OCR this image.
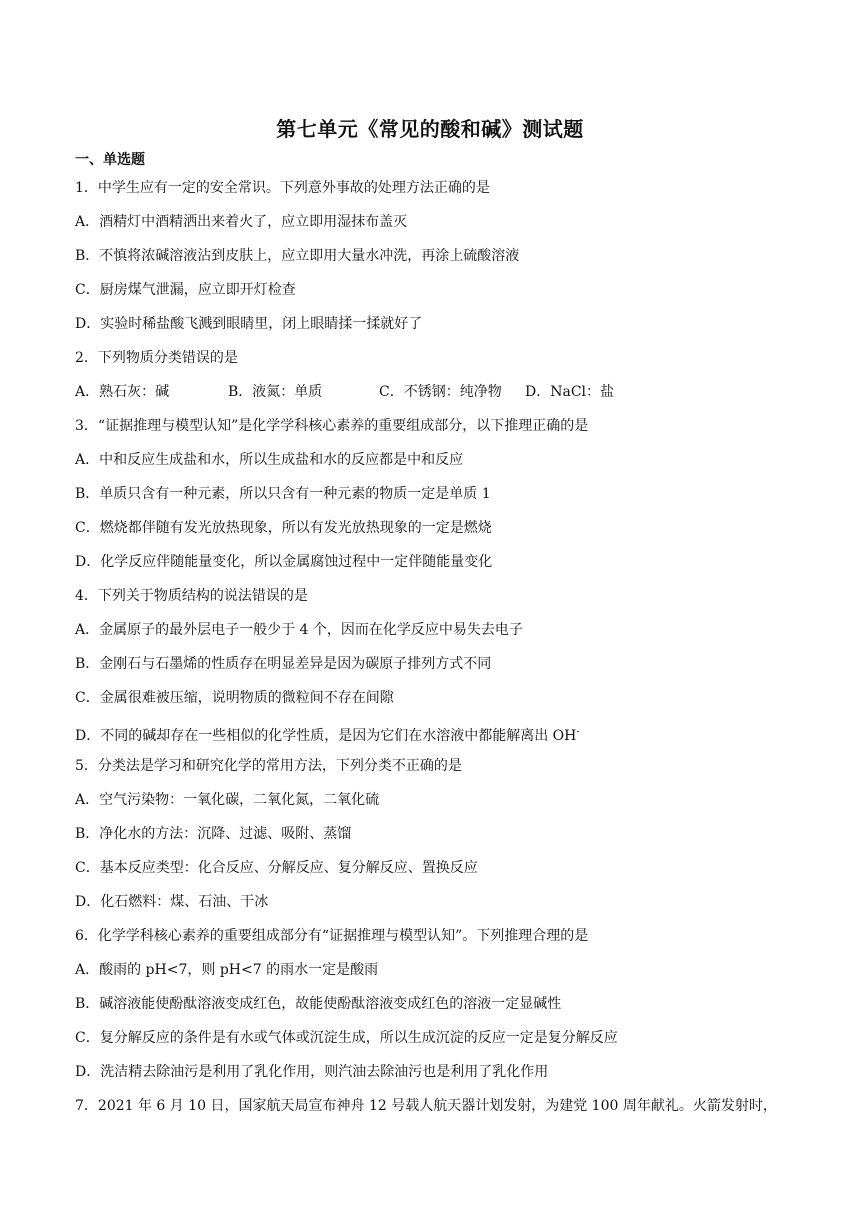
第七单元《常见的酸和碱》测试题
一、单选题
1．中学生应有一定的安全常识。下列意外事故的处理方法正确的是
A．酒精灯中酒精洒出来着火了，应立即用湿抹布盖灭
B．不慎将浓碱溶液沾到皮肤上，应立即用大量水冲洗，再涂上硫酸溶液
C．厨房煤气泄漏，应立即开灯检查
D．实验时稀盐酸飞溅到眼睛里，闭上眼睛揉一揉就好了
2．下列物质分类错误的是
A．熟石灰：碱	B．液氮：单质	C．不锈钢：纯净物	D．NaCl：盐
3．“证据推理与模型认知”是化学学科核心素养的重要组成部分，以下推理正确的是
A．中和反应生成盐和水，所以生成盐和水的反应都是中和反应
B．单质只含有一种元素，所以只含有一种元素的物质一定是单质 1
C．燃烧都伴随有发光放热现象，所以有发光放热现象的一定是燃烧
D．化学反应伴随能量变化，所以金属腐蚀过程中一定伴随能量变化
4．下列关于物质结构的说法错误的是
A．金属原子的最外层电子一般少于 4 个，因而在化学反应中易失去电子
B．金刚石与石墨烯的性质存在明显差异是因为碳原子排列方式不同
C．金属很难被压缩，说明物质的微粒间不存在间隙
D．不同的碱却存在一些相似的化学性质，是因为它们在水溶液中都能解离出 OH-
5．分类法是学习和研究化学的常用方法，下列分类不正确的是
A．空气污染物：一氧化碳，二氧化氮，二氧化硫
B．净化水的方法：沉降、过滤、吸附、蒸馏
C．基本反应类型：化合反应、分解反应、复分解反应、置换反应
D．化石燃料：煤、石油、干冰
6．化学学科核心素养的重要组成部分有“证据推理与模型认知”。下列推理合理的是
A．酸雨的 pH<7，则 pH<7 的雨水一定是酸雨
B．碱溶液能使酚酞溶液变成红色，故能使酚酞溶液变成红色的溶液一定显碱性
C．复分解反应的条件是有水或气体或沉淀生成，所以生成沉淀的反应一定是复分解反应
D．洗洁精去除油污是利用了乳化作用，则汽油去除油污也是利用了乳化作用
7．2021 年 6 月 10 日，国家航天局宣布神舟 12 号载人航天器计划发射，为建党 100 周年献礼。火箭发射时，
